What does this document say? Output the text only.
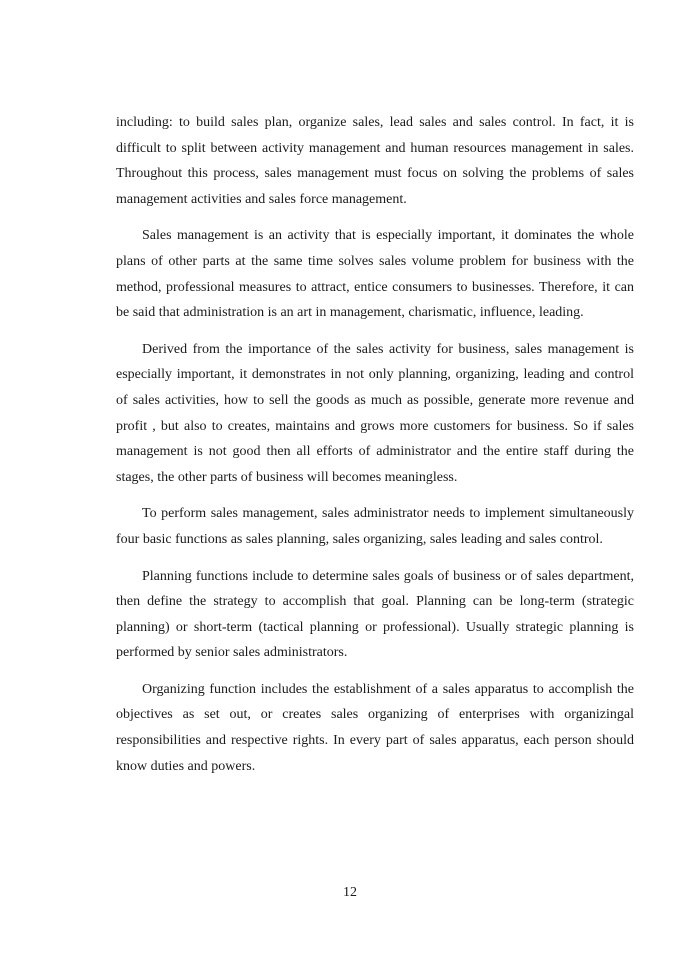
including: to build sales plan, organize sales, lead sales and sales control. In fact, it is difficult to split between activity management and human resources management in sales. Throughout this process, sales management must focus on solving the problems of sales management activities and sales force management.

Sales management is an activity that is especially important, it dominates the whole plans of other parts at the same time solves sales volume problem for business with the method, professional measures to attract, entice consumers to businesses. Therefore, it can be said that administration is an art in management, charismatic, influence, leading.

Derived from the importance of the sales activity for business, sales management is especially important, it demonstrates in not only planning, organizing, leading and control of sales activities, how to sell the goods as much as possible, generate more revenue and profit , but also to creates, maintains and grows more customers for business. So if sales management is not good then all efforts of administrator and the entire staff during the stages, the other parts of business will becomes meaningless.

To perform sales management, sales administrator needs to implement simultaneously four basic functions as sales planning, sales organizing, sales leading and sales control.

Planning functions include to determine sales goals of business or of sales department, then define the strategy to accomplish that goal. Planning can be long-term (strategic planning) or short-term (tactical planning or professional). Usually strategic planning is performed by senior sales administrators.

Organizing function includes the establishment of a sales apparatus to accomplish the objectives as set out, or creates sales organizing of enterprises with organizingal responsibilities and respective rights. In every part of sales apparatus, each person should know duties and powers.

12
